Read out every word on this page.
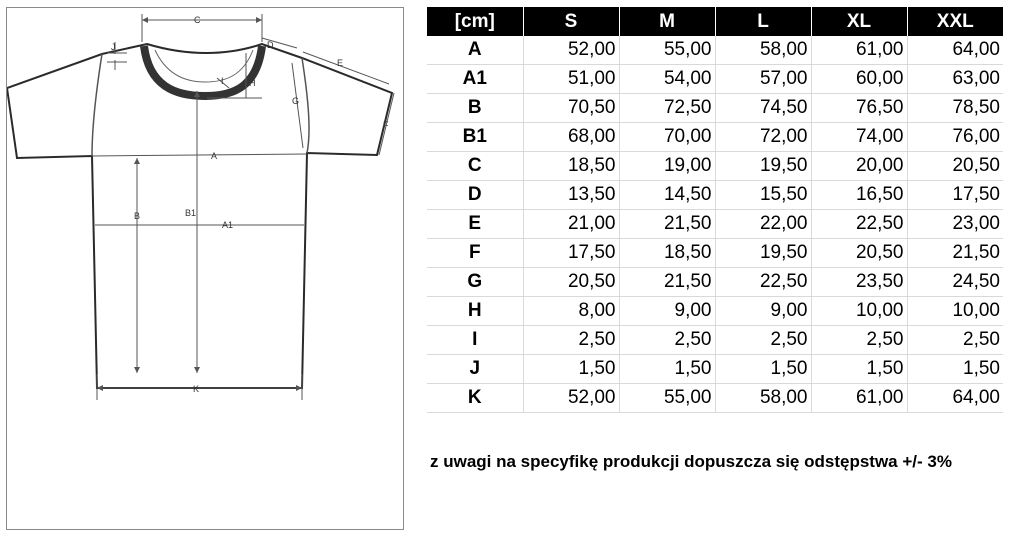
C
A
A1
K
B	B1
H
G
E
D
F
J
I
[cm]	S	M	L	XL	XXL
A	52,00	55,00	58,00	61,00	64,00
A1	51,00	54,00	57,00	60,00	63,00
B	70,50	72,50	74,50	76,50	78,50
B1	68,00	70,00	72,00	74,00	76,00
C	18,50	19,00	19,50	20,00	20,50
D	13,50	14,50	15,50	16,50	17,50
E	21,00	21,50	22,00	22,50	23,00
F	17,50	18,50	19,50	20,50	21,50
G	20,50	21,50	22,50	23,50	24,50
H	8,00	9,00	9,00	10,00	10,00
I	2,50	2,50	2,50	2,50	2,50
J	1,50	1,50	1,50	1,50	1,50
K	52,00	55,00	58,00	61,00	64,00
z uwagi na specyfikę produkcji dopuszcza się odstępstwa +/- 3%
